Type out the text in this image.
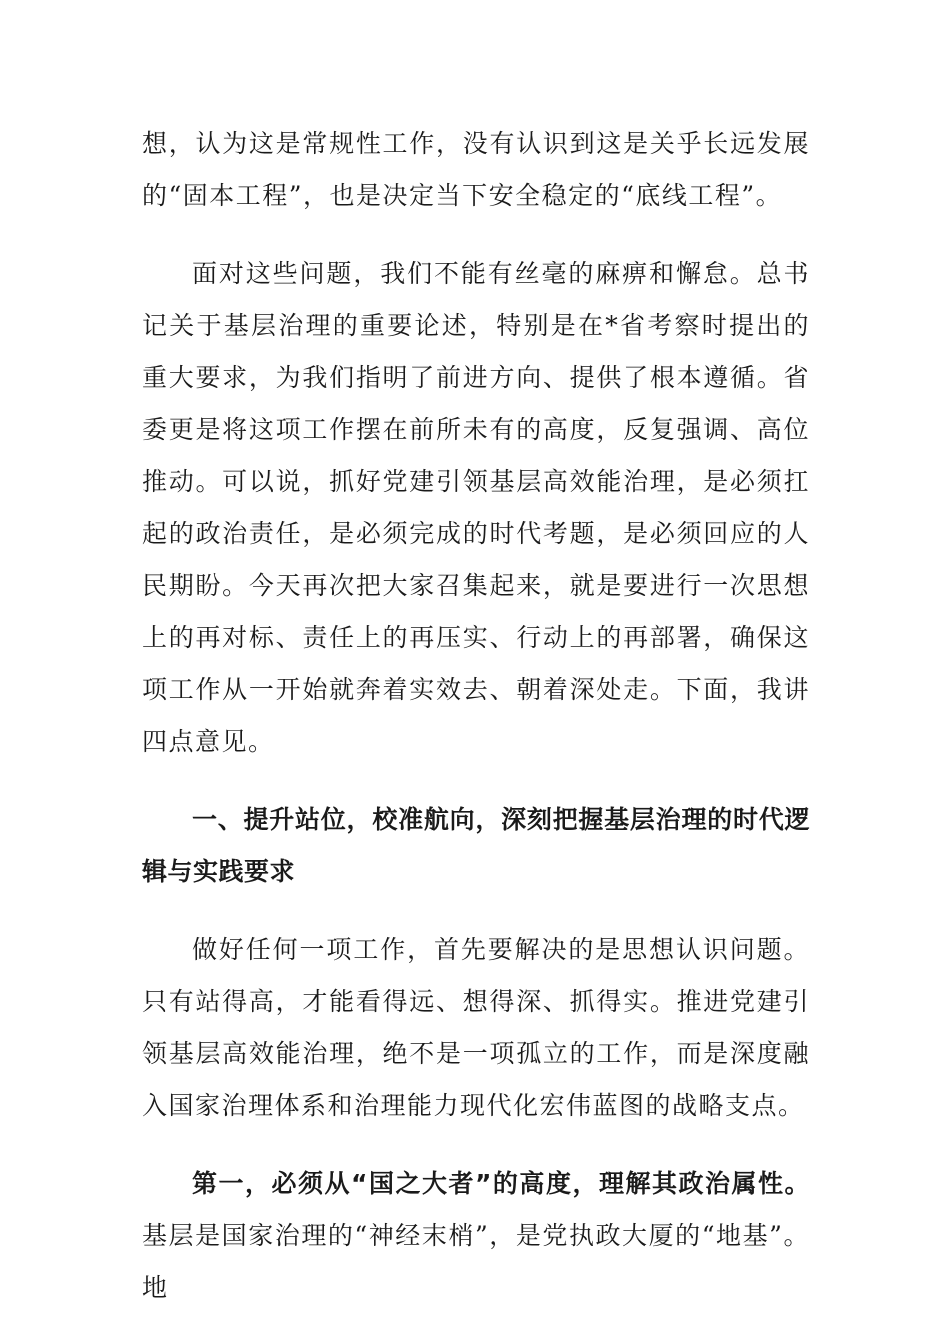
想，认为这是常规性工作，没有认识到这是关乎长远发展的“固本工程”，也是决定当下安全稳定的“底线工程”。

面对这些问题，我们不能有丝毫的麻痹和懈怠。总书记关于基层治理的重要论述，特别是在*省考察时提出的重大要求，为我们指明了前进方向、提供了根本遵循。省委更是将这项工作摆在前所未有的高度，反复强调、高位推动。可以说，抓好党建引领基层高效能治理，是必须扛起的政治责任，是必须完成的时代考题，是必须回应的人民期盼。今天再次把大家召集起来，就是要进行一次思想上的再对标、责任上的再压实、行动上的再部署，确保这项工作从一开始就奔着实效去、朝着深处走。下面，我讲四点意见。

一、提升站位，校准航向，深刻把握基层治理的时代逻辑与实践要求

做好任何一项工作，首先要解决的是思想认识问题。只有站得高，才能看得远、想得深、抓得实。推进党建引领基层高效能治理，绝不是一项孤立的工作，而是深度融入国家治理体系和治理能力现代化宏伟蓝图的战略支点。

第一，必须从“国之大者”的高度，理解其政治属性。基层是国家治理的“神经末梢”，是党执政大厦的“地基”。地
